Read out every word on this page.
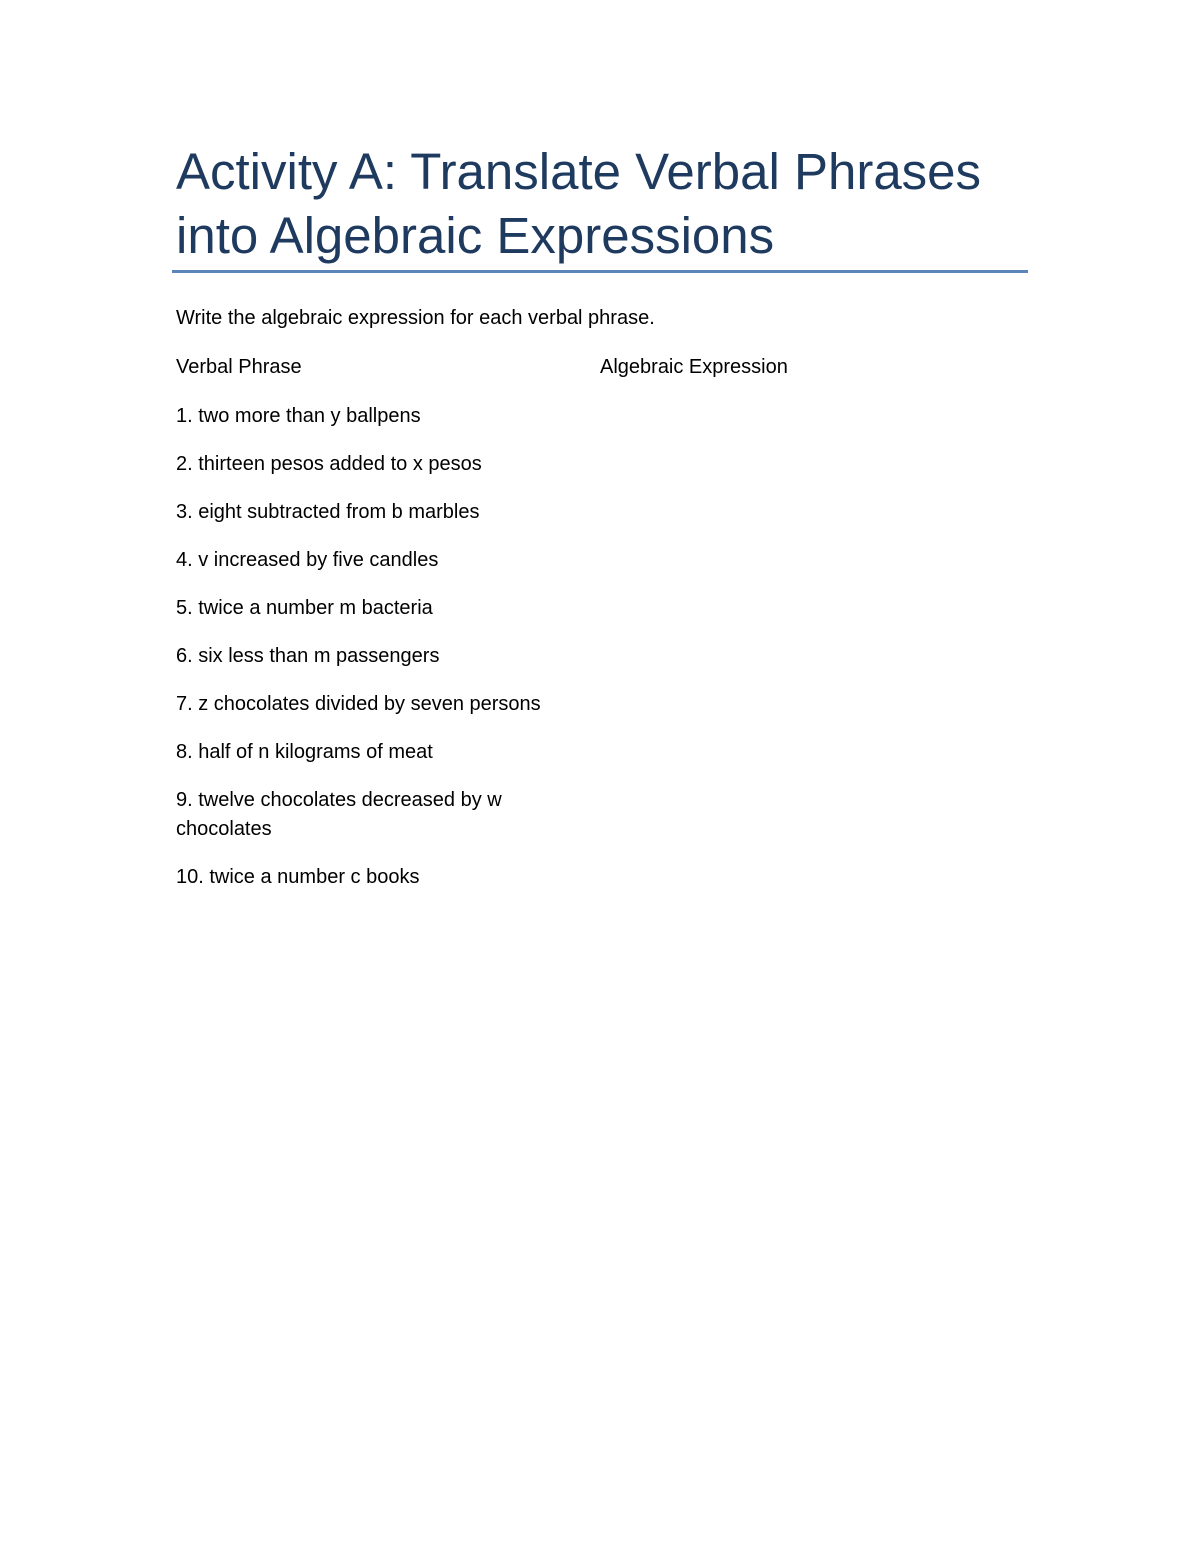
Activity A: Translate Verbal Phrases
into Algebraic Expressions
Write the algebraic expression for each verbal phrase.
Verbal Phrase	Algebraic Expression
1. two more than y ballpens
2. thirteen pesos added to x pesos
3. eight subtracted from b marbles
4. v increased by five candles
5. twice a number m bacteria
6. six less than m passengers
7. z chocolates divided by seven persons
8. half of n kilograms of meat
9. twelve chocolates decreased by w chocolates
10. twice a number c books
